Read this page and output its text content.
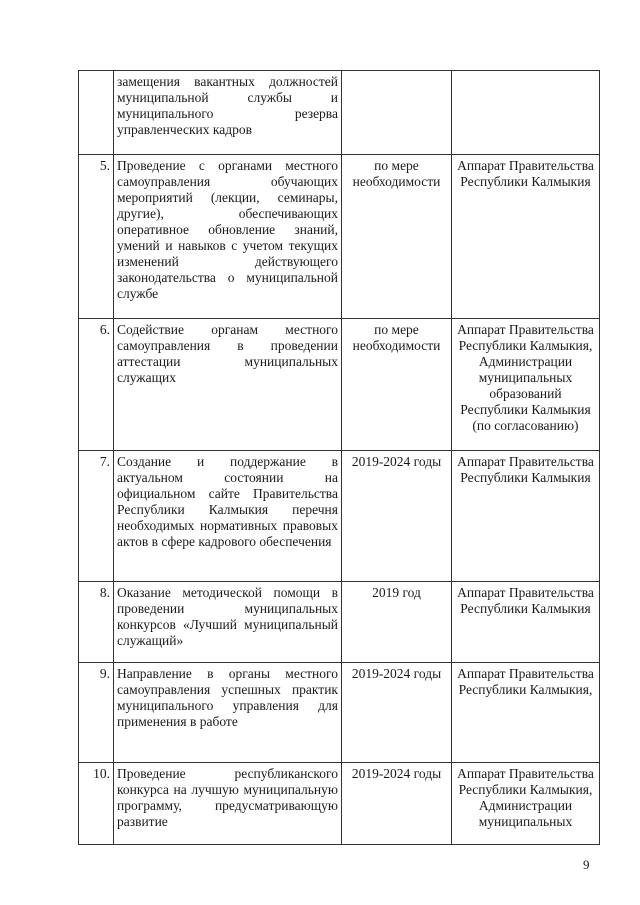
	замещения вакантных должностей муниципальной службы и муниципального резерва управленческих кадров		
5.	Проведение с органами местного самоуправления обучающих мероприятий (лекции, семинары, другие), обеспечивающих оперативное обновление знаний, умений и навыков с учетом текущих изменений действующего законодательства о муниципальной службе	по мере необходимости	Аппарат Правительства Республики Калмыкия
6.	Содействие органам местного самоуправления в проведении аттестации муниципальных служащих	по мере необходимости	Аппарат Правительства Республики Калмыкия, Администрации муниципальных образований Республики Калмыкия (по согласованию)
7.	Создание и поддержание в актуальном состоянии на официальном сайте Правительства Республики Калмыкия перечня необходимых нормативных правовых актов в сфере кадрового обеспечения	2019-2024 годы	Аппарат Правительства Республики Калмыкия
8.	Оказание методической помощи в проведении муниципальных конкурсов «Лучший муниципальный служащий»	2019 год	Аппарат Правительства Республики Калмыкия
9.	Направление в органы местного самоуправления успешных практик муниципального управления для применения в работе	2019-2024 годы	Аппарат Правительства Республики Калмыкия,
10.	Проведение республиканского конкурса на лучшую муниципальную программу, предусматривающую развитие	2019-2024 годы	Аппарат Правительства Республики Калмыкия, Администрации муниципальных
9
